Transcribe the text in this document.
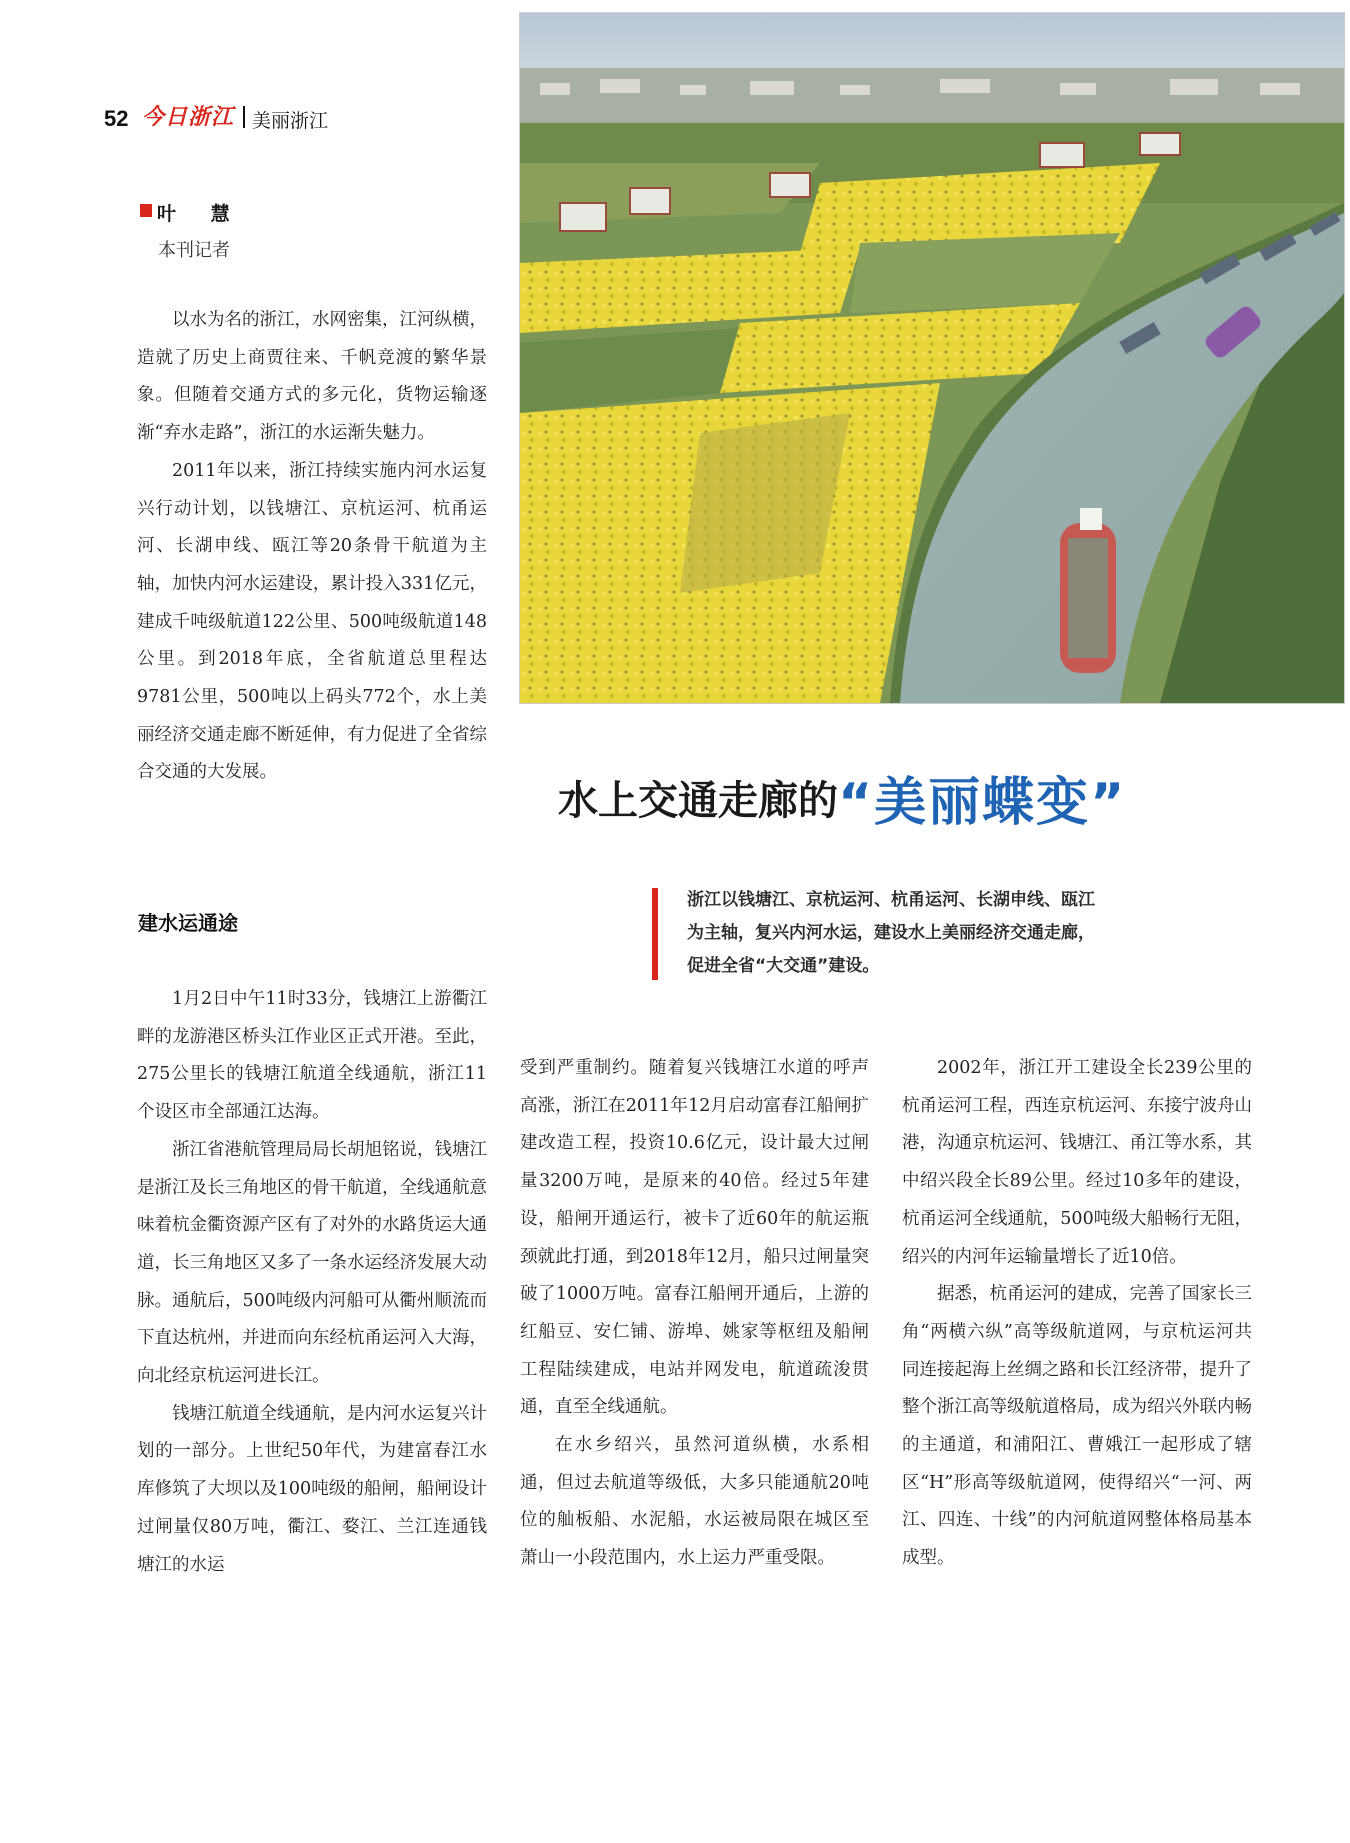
52 今日浙江 美丽浙江
叶 慧
本刊记者

以水为名的浙江，水网密集，江河纵横，造就了历史上商贾往来、千帆竞渡的繁华景象。但随着交通方式的多元化，货物运输逐渐“弃水走路”，浙江的水运渐失魅力。

2011年以来，浙江持续实施内河水运复兴行动计划，以钱塘江、京杭运河、杭甬运河、长湖申线、瓯江等20条骨干航道为主轴，加快内河水运建设，累计投入331亿元，建成千吨级航道122公里、500吨级航道148公里。到2018年底，全省航道总里程达9781公里，500吨以上码头772个，水上美丽经济交通走廊不断延伸，有力促进了全省综合交通的大发展。

建水运通途

1月2日中午11时33分，钱塘江上游衢江畔的龙游港区桥头江作业区正式开港。至此，275公里长的钱塘江航道全线通航，浙江11个设区市全部通江达海。

浙江省港航管理局局长胡旭铭说，钱塘江是浙江及长三角地区的骨干航道，全线通航意味着杭金衢资源产区有了对外的水路货运大通道，长三角地区又多了一条水运经济发展大动脉。通航后，500吨级内河船可从衢州顺流而下直达杭州，并进而向东经杭甬运河入大海，向北经京杭运河进长江。

钱塘江航道全线通航，是内河水运复兴计划的一部分。上世纪50年代，为建富春江水库修筑了大坝以及100吨级的船闸，船闸设计过闸量仅80万吨，衢江、婺江、兰江连通钱塘江的水运

水上交通走廊的“美丽蝶变”
浙江以钱塘江、京杭运河、杭甬运河、长湖申线、瓯江为主轴，复兴内河水运，建设水上美丽经济交通走廊，促进全省“大交通”建设。

受到严重制约。随着复兴钱塘江水道的呼声高涨，浙江在2011年12月启动富春江船闸扩建改造工程，投资10.6亿元，设计最大过闸量3200万吨，是原来的40倍。经过5年建设，船闸开通运行，被卡了近60年的航运瓶颈就此打通，到2018年12月，船只过闸量突破了1000万吨。富春江船闸开通后，上游的红船豆、安仁铺、游埠、姚家等枢纽及船闸工程陆续建成，电站并网发电，航道疏浚贯通，直至全线通航。

在水乡绍兴，虽然河道纵横，水系相通，但过去航道等级低，大多只能通航20吨位的舢板船、水泥船，水运被局限在城区至萧山一小段范围内，水上运力严重受限。

2002年，浙江开工建设全长239公里的杭甬运河工程，西连京杭运河、东接宁波舟山港，沟通京杭运河、钱塘江、甬江等水系，其中绍兴段全长89公里。经过10多年的建设，杭甬运河全线通航，500吨级大船畅行无阻，绍兴的内河年运输量增长了近10倍。

据悉，杭甬运河的建成，完善了国家长三角“两横六纵”高等级航道网，与京杭运河共同连接起海上丝绸之路和长江经济带，提升了整个浙江高等级航道格局，成为绍兴外联内畅的主通道，和浦阳江、曹娥江一起形成了辖区“H”形高等级航道网，使得绍兴“一河、两江、四连、十线”的内河航道网整体格局基本成型。
